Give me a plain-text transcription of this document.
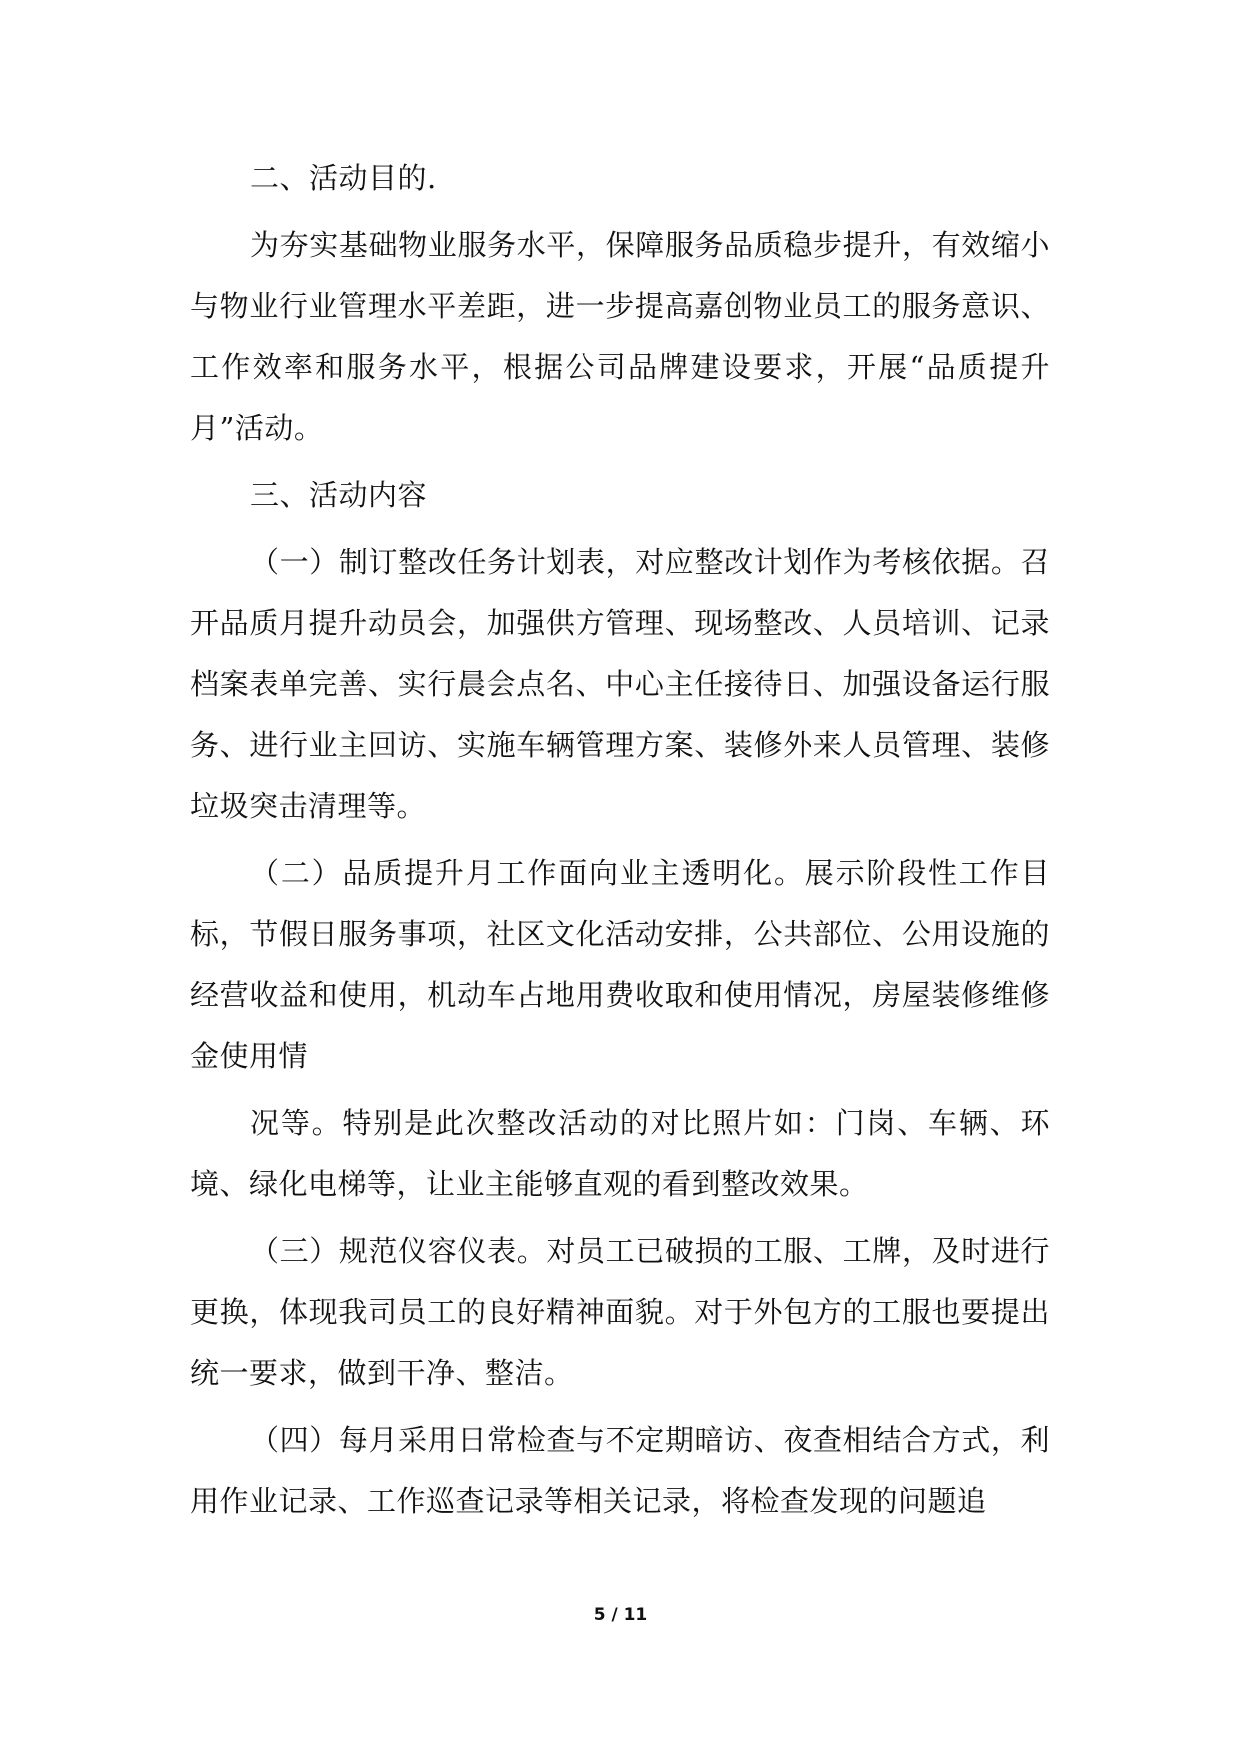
二、活动目的.

为夯实基础物业服务水平，保障服务品质稳步提升，有效缩小与物业行业管理水平差距，进一步提高嘉创物业员工的服务意识、工作效率和服务水平，根据公司品牌建设要求，开展“品质提升月”活动。

三、活动内容

（一）制订整改任务计划表，对应整改计划作为考核依据。召开品质月提升动员会，加强供方管理、现场整改、人员培训、记录档案表单完善、实行晨会点名、中心主任接待日、加强设备运行服务、进行业主回访、实施车辆管理方案、装修外来人员管理、装修垃圾突击清理等。

（二）品质提升月工作面向业主透明化。展示阶段性工作目标，节假日服务事项，社区文化活动安排，公共部位、公用设施的经营收益和使用，机动车占地用费收取和使用情况，房屋装修维修金使用情

况等。特别是此次整改活动的对比照片如：门岗、车辆、环境、绿化电梯等，让业主能够直观的看到整改效果。

（三）规范仪容仪表。对员工已破损的工服、工牌，及时进行更换，体现我司员工的良好精神面貌。对于外包方的工服也要提出统一要求，做到干净、整洁。

（四）每月采用日常检查与不定期暗访、夜查相结合方式，利用作业记录、工作巡查记录等相关记录，将检查发现的问题追

5 / 11
